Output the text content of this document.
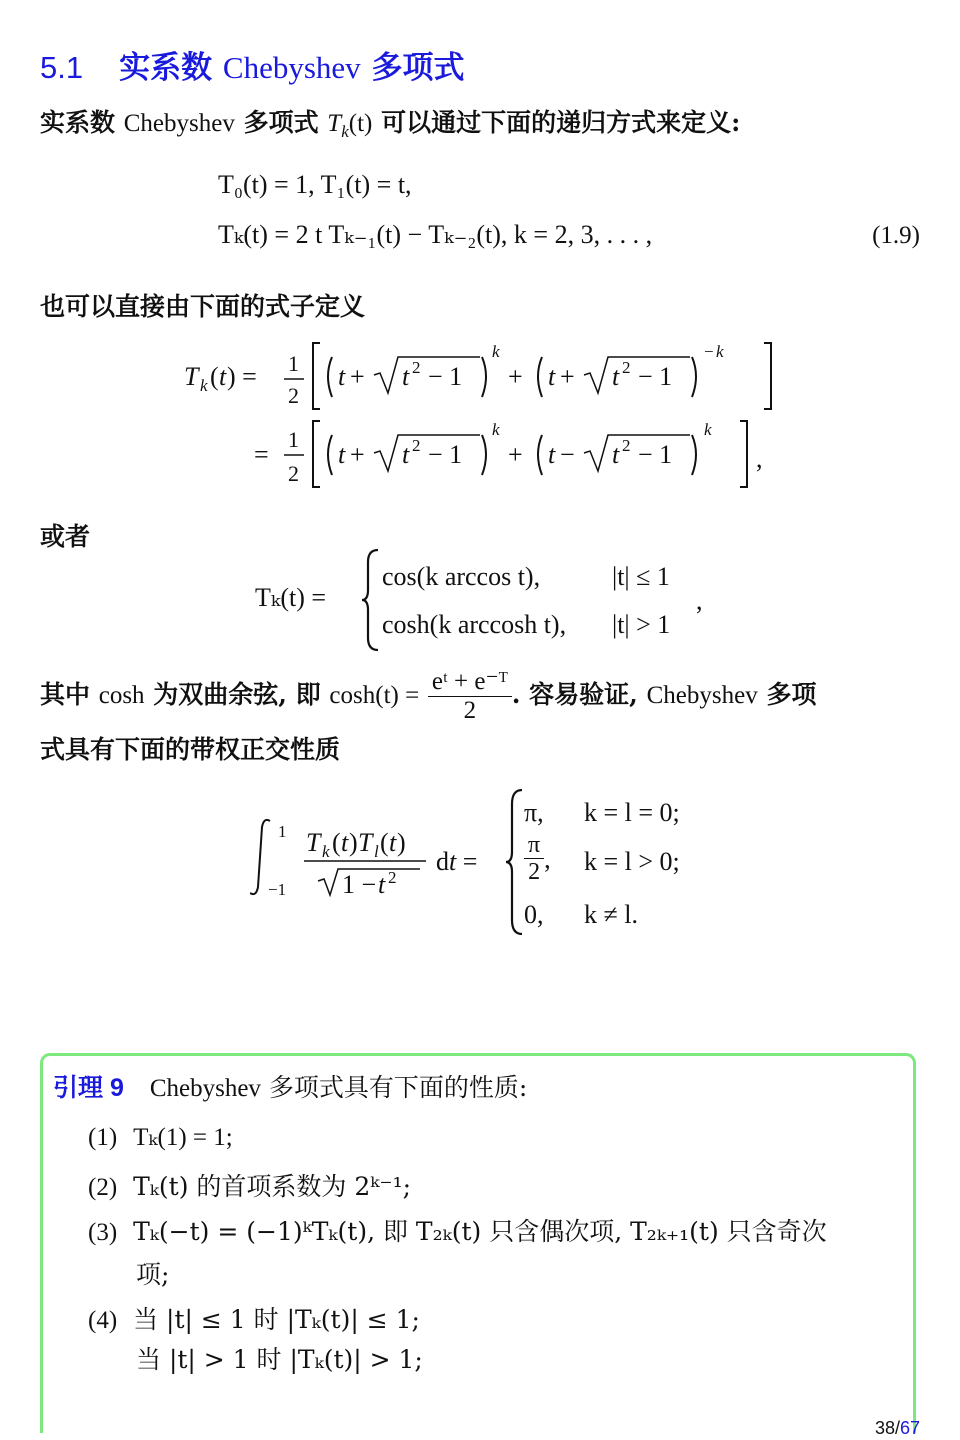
5.1 实系数 Chebyshev 多项式
实系数 Chebyshev 多项式 $T_k(t)$ 可以通过下面的递归方式来定义:
T₀(t) = 1, T₁(t) = t,
Tₖ(t) = 2 t Tₖ₋₁(t) − Tₖ₋₂(t), k = 2, 3, . . . ,	(1.9)
也可以直接由下面的式子定义
T k ( t ) = 1
2
t + t 2 − 1
k
+ t + t 2 − 1
− k
=
1
2
t + t 2 − 1
k
+ t − t 2 − 1
k
,
或者
Tₖ(t) =
cos(k arccos t),	|t| ≤ 1
cosh(k arccosh t), |t| > 1
,
其中 cosh 为双曲余弦, 即 $\cosh(t) = \frac{\text{eᵗ + e⁻ᵀ}}{2}$ . 容易验证, Chebyshev 多项
式具有下面的带权正交性质
1
−1
T k ( t ) T l ( t )
1 − t 2
dt =
π, k = l = 0;
$\frac{\pi}{2}$ , k = l > 0;
0, k ≠ l.
引理 9 Chebyshev 多项式具有下面的性质:
(1) Tₖ(1) = 1;
(2) Tₖ(t) 的首项系数为 2ᵏ⁻¹;
(3) Tₖ(−t) = (−1)ᵏTₖ(t), 即 T₂ₖ(t) 只含偶次项, T₂ₖ₊₁(t) 只含奇次
项;
(4) 当 |t| ≤ 1 时 |Tₖ(t)| ≤ 1;
当 |t| > 1 时 |Tₖ(t)| > 1;
38/67
